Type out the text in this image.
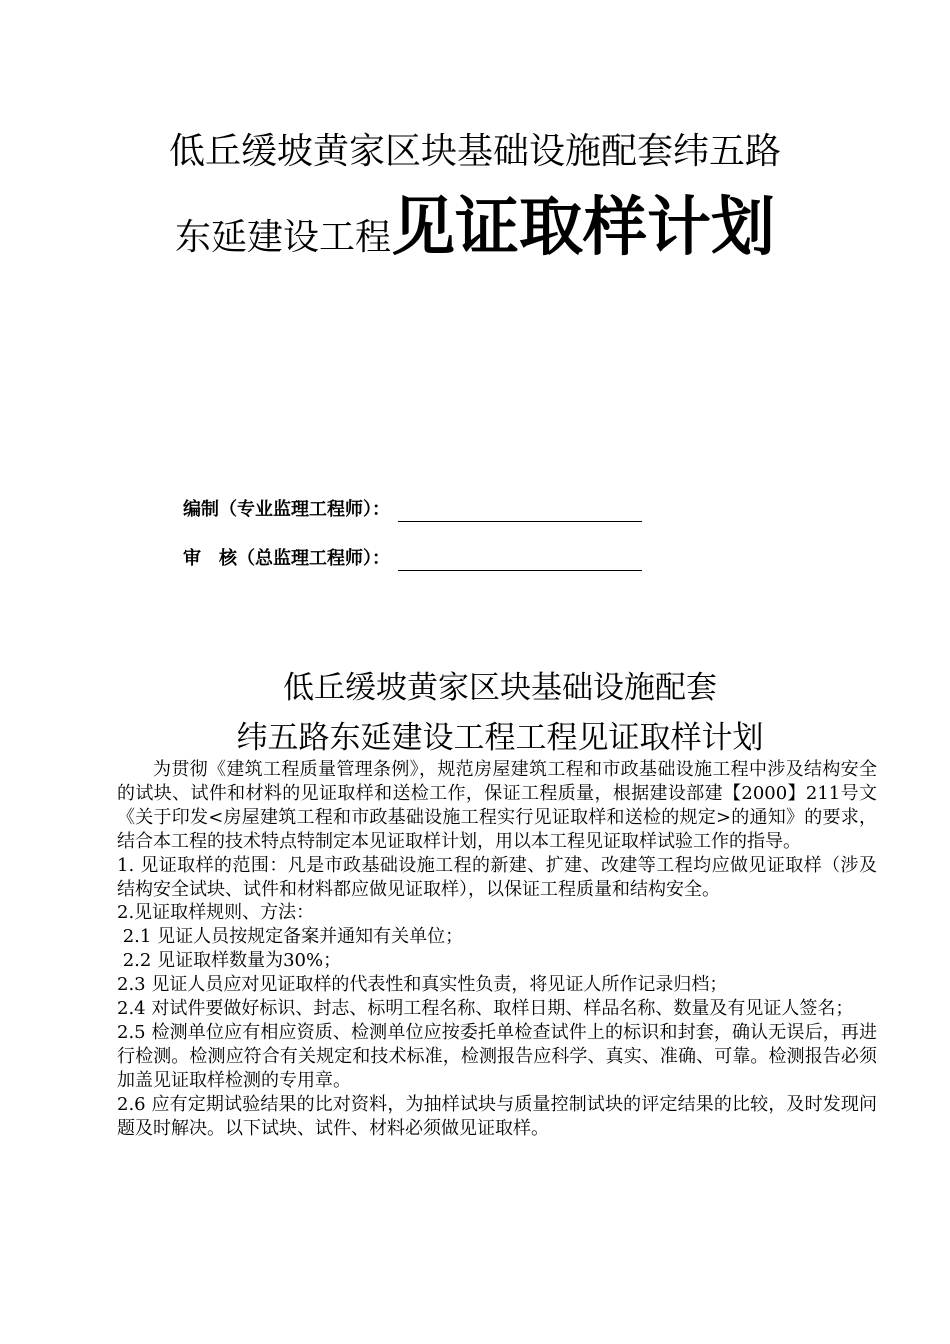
低丘缓坡黄家区块基础设施配套纬五路
东延建设工程见证取样计划
编制（专业监理工程师）：
审　核（总监理工程师）：
低丘缓坡黄家区块基础设施配套
纬五路东延建设工程工程见证取样计划

为贯彻《建筑工程质量管理条例》，规范房屋建筑工程和市政基础设施工程中涉及结构安全的试块、试件和材料的见证取样和送检工作，保证工程质量，根据建设部建【2000】211号文《关于印发<房屋建筑工程和市政基础设施工程实行见证取样和送检的规定>的通知》的要求，结合本工程的技术特点特制定本见证取样计划，用以本工程见证取样试验工作的指导。

1. 见证取样的范围：凡是市政基础设施工程的新建、扩建、改建等工程均应做见证取样（涉及结构安全试块、试件和材料都应做见证取样），以保证工程质量和结构安全。

2.见证取样规则、方法：

2.1 见证人员按规定备案并通知有关单位；

2.2 见证取样数量为30%；

2.3 见证人员应对见证取样的代表性和真实性负责，将见证人所作记录归档；

2.4 对试件要做好标识、封志、标明工程名称、取样日期、样品名称、数量及有见证人签名；

2.5 检测单位应有相应资质、检测单位应按委托单检查试件上的标识和封套，确认无误后，再进行检测。检测应符合有关规定和技术标准，检测报告应科学、真实、准确、可靠。检测报告必须加盖见证取样检测的专用章。

2.6 应有定期试验结果的比对资料，为抽样试块与质量控制试块的评定结果的比较，及时发现问题及时解决。以下试块、试件、材料必须做见证取样。
